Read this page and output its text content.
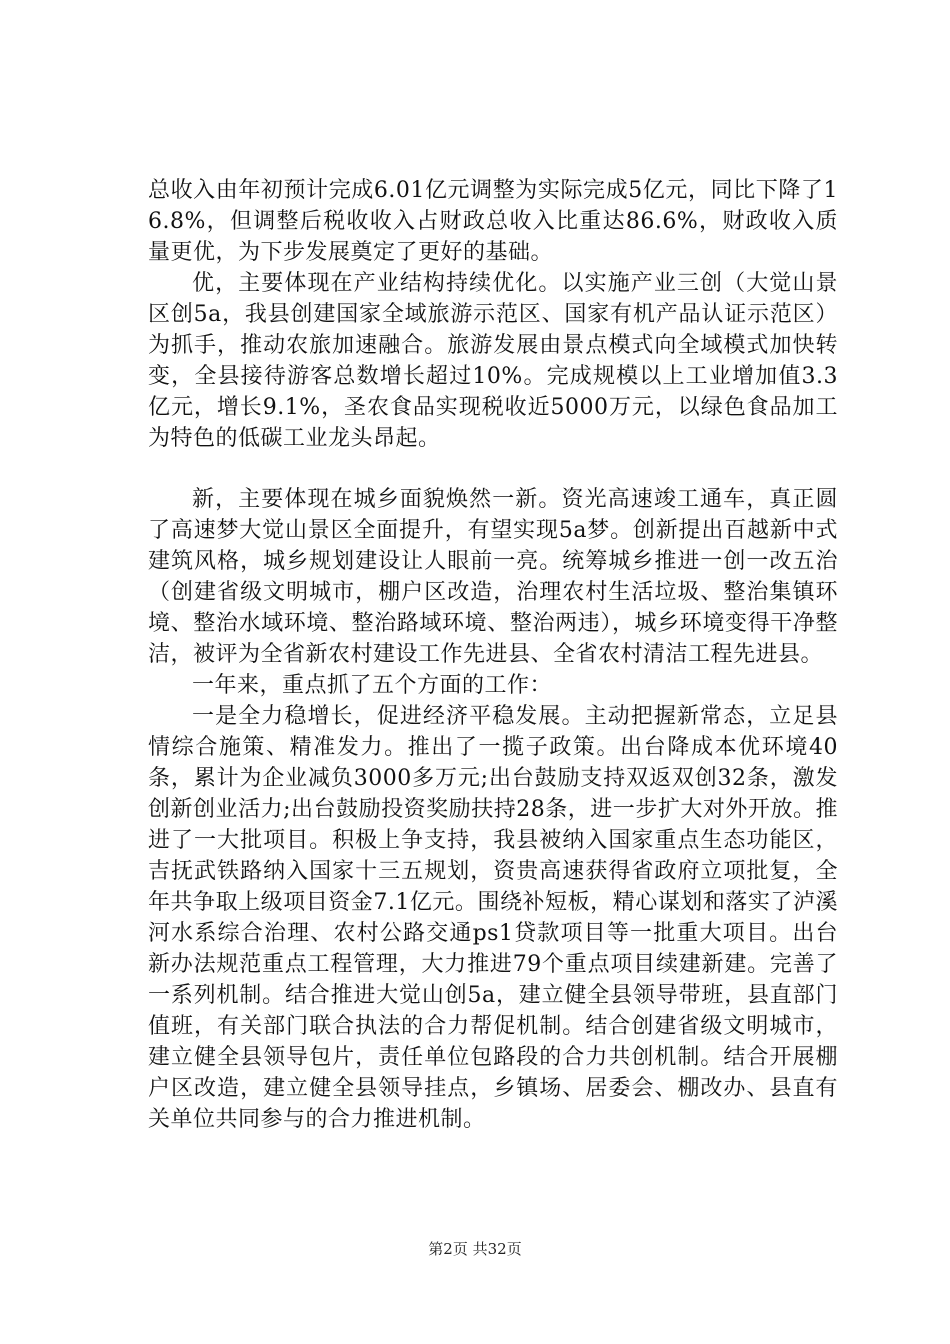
总收入由年初预计完成6.01亿元调整为实际完成5亿元，同比下降了16.8%，但调整后税收收入占财政总收入比重达86.6%，财政收入质量更优，为下步发展奠定了更好的基础。

优，主要体现在产业结构持续优化。以实施产业三创（大觉山景区创5a，我县创建国家全域旅游示范区、国家有机产品认证示范区）为抓手，推动农旅加速融合。旅游发展由景点模式向全域模式加快转变，全县接待游客总数增长超过10%。完成规模以上工业增加值3.3亿元，增长9.1%，圣农食品实现税收近5000万元，以绿色食品加工为特色的低碳工业龙头昂起。

新，主要体现在城乡面貌焕然一新。资光高速竣工通车，真正圆了高速梦大觉山景区全面提升，有望实现5a梦。创新提出百越新中式建筑风格，城乡规划建设让人眼前一亮。统筹城乡推进一创一改五治（创建省级文明城市，棚户区改造，治理农村生活垃圾、整治集镇环境、整治水域环境、整治路域环境、整治两违），城乡环境变得干净整洁，被评为全省新农村建设工作先进县、全省农村清洁工程先进县。

一年来，重点抓了五个方面的工作：

一是全力稳增长，促进经济平稳发展。主动把握新常态，立足县情综合施策、精准发力。推出了一揽子政策。出台降成本优环境40条，累计为企业减负3000多万元;出台鼓励支持双返双创32条，激发创新创业活力;出台鼓励投资奖励扶持28条，进一步扩大对外开放。推进了一大批项目。积极上争支持，我县被纳入国家重点生态功能区，吉抚武铁路纳入国家十三五规划，资贵高速获得省政府立项批复，全年共争取上级项目资金7.1亿元。围绕补短板，精心谋划和落实了泸溪河水系综合治理、农村公路交通ps1贷款项目等一批重大项目。出台新办法规范重点工程管理，大力推进79个重点项目续建新建。完善了一系列机制。结合推进大觉山创5a，建立健全县领导带班，县直部门值班，有关部门联合执法的合力帮促机制。结合创建省级文明城市，建立健全县领导包片，责任单位包路段的合力共创机制。结合开展棚户区改造，建立健全县领导挂点，乡镇场、居委会、棚改办、县直有关单位共同参与的合力推进机制。

第2页 共32页
